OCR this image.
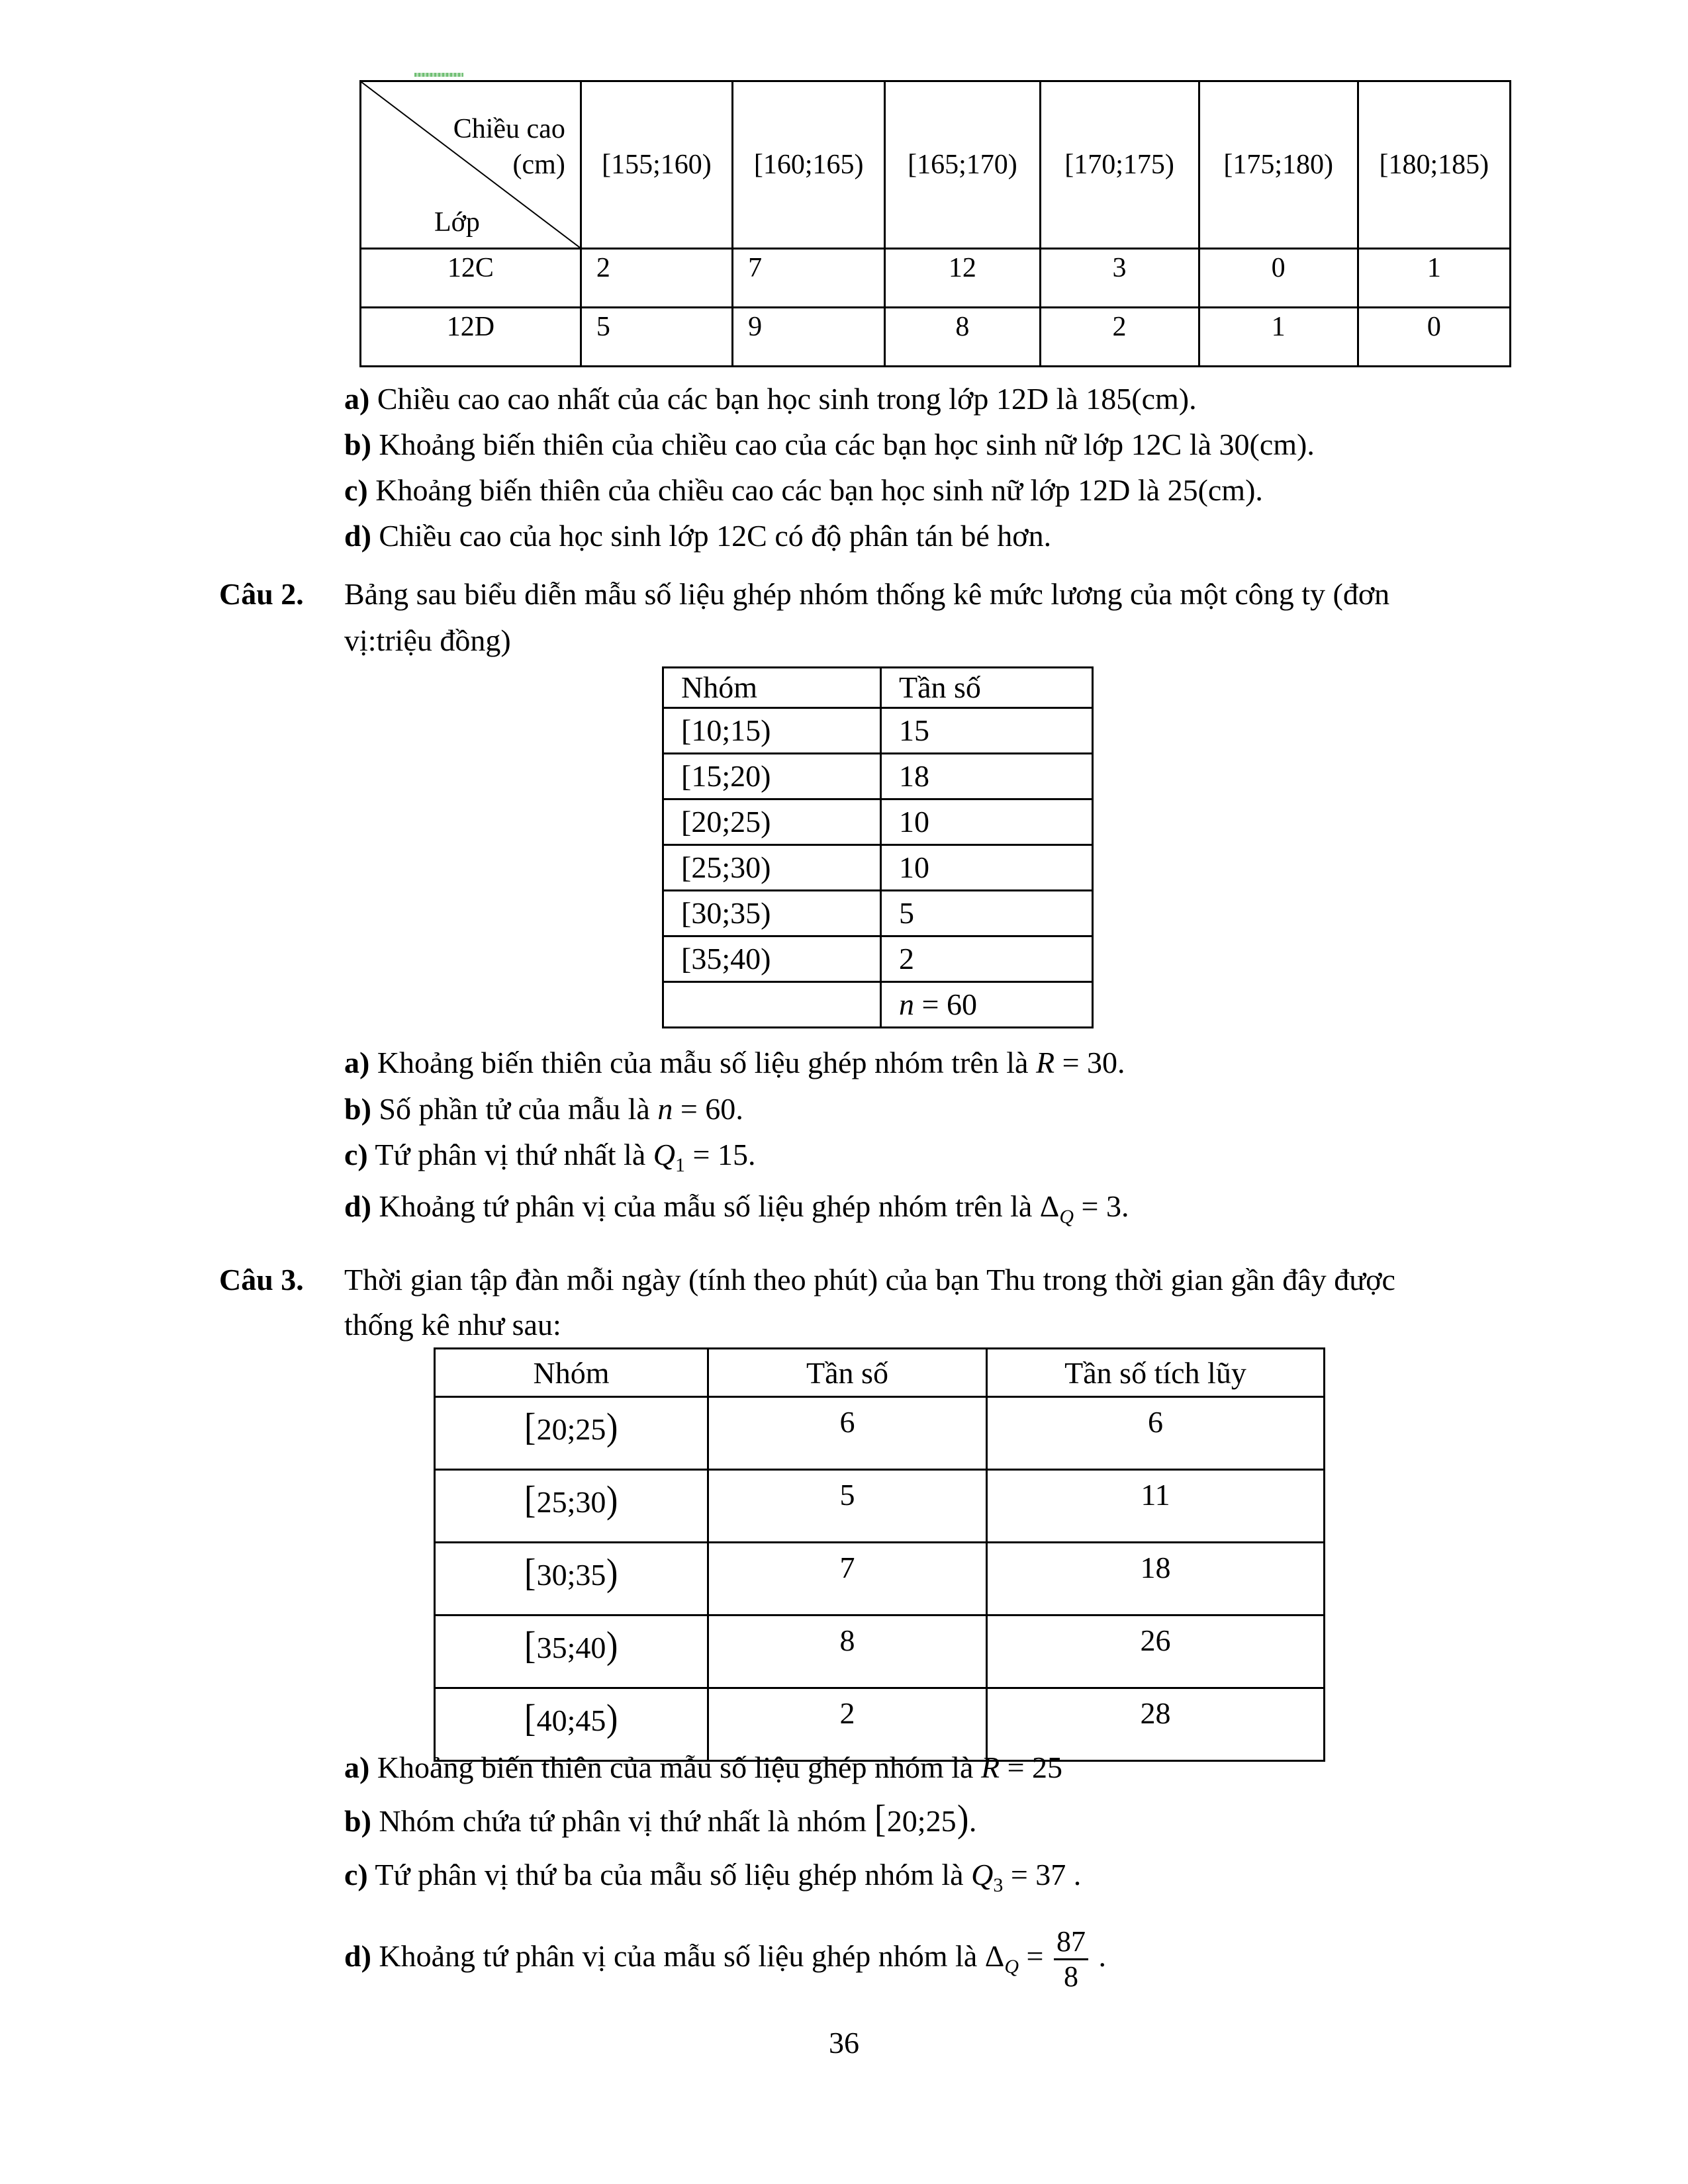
Chiều cao
(cm)
Lớp	[155;160)	[160;165)	[165;170)	[170;175)	[175;180)	[180;185)
12C	2	7	12	3	0	1
12D	5	9	8	2	1	0
a) Chiều cao cao nhất của các bạn học sinh trong lớp 12D là 185(cm).
b) Khoảng biến thiên của chiều cao của các bạn học sinh nữ lớp 12C là 30(cm).
c) Khoảng biến thiên của chiều cao các bạn học sinh nữ lớp 12D là 25(cm).
d) Chiều cao của học sinh lớp 12C có độ phân tán bé hơn.
Câu 2. Bảng sau biểu diễn mẫu số liệu ghép nhóm thống kê mức lương của một công ty (đơn
vị:triệu đồng)
Nhóm	Tần số
[10;15)	15
[15;20)	18
[20;25)	10
[25;30)	10
[30;35)	5
[35;40)	2
	n = 60
a) Khoảng biến thiên của mẫu số liệu ghép nhóm trên là R = 30.
b) Số phần tử của mẫu là n = 60.
c) Tứ phân vị thứ nhất là $Q_1 = 15$.
d) Khoảng tứ phân vị của mẫu số liệu ghép nhóm trên là $\Delta_Q = 3$.
Câu 3. Thời gian tập đàn mỗi ngày (tính theo phút) của bạn Thu trong thời gian gần đây được
thống kê như sau:
Nhóm	Tần số	Tần số tích lũy
[20;25)	6	6
[25;30)	5	11
[30;35)	7	18
[35;40)	8	26
[40;45)	2	28
a) Khoảng biến thiên của mẫu số liệu ghép nhóm là R = 25
b) Nhóm chứa tứ phân vị thứ nhất là nhóm [20;25).
c) Tứ phân vị thứ ba của mẫu số liệu ghép nhóm là $Q_3 = 37$ .
d) Khoảng tứ phân vị của mẫu số liệu ghép nhóm là $\Delta_Q = \frac{87}{8}$ .
36
